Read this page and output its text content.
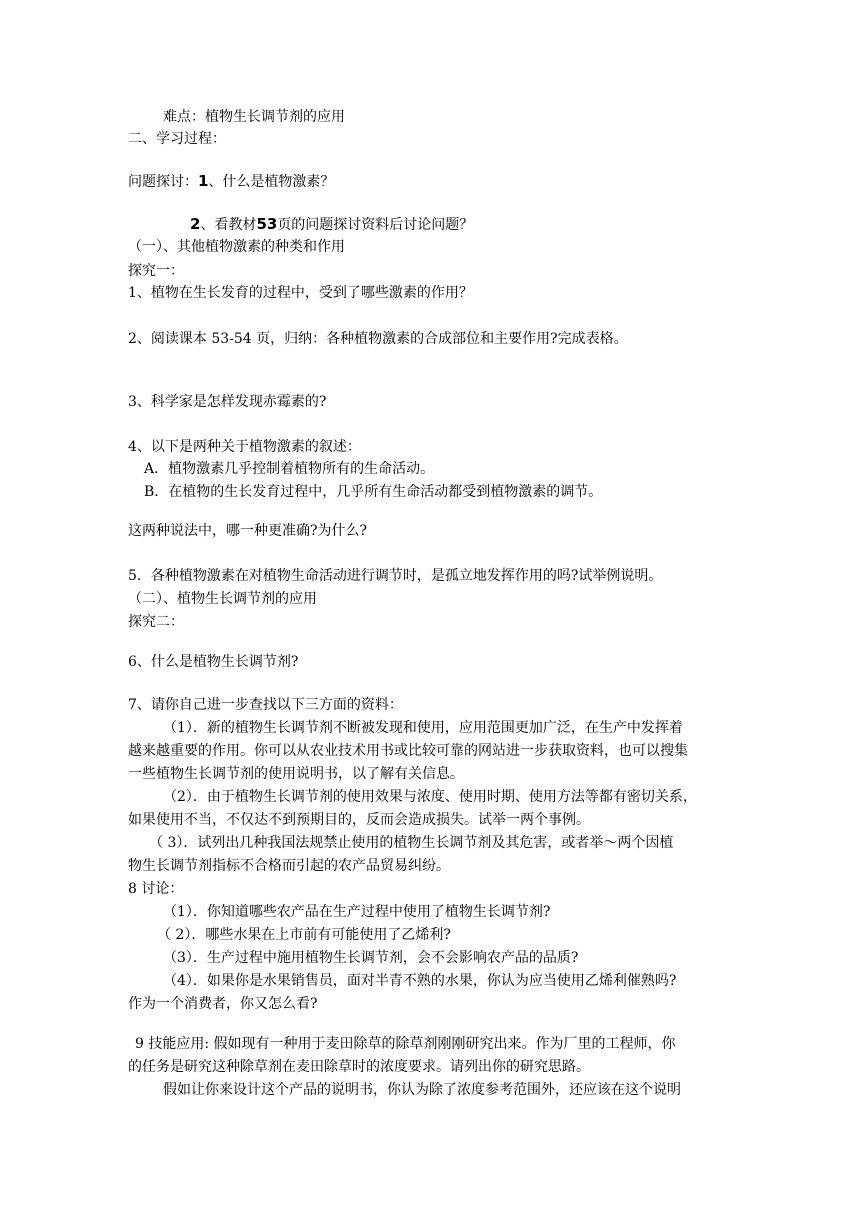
难点：植物生长调节剂的应用
二、学习过程：
问题探讨：1、什么是植物激素？
2、看教材53页的问题探讨资料后讨论问题？
（一）、其他植物激素的种类和作用
探究一：
1、植物在生长发育的过程中，受到了哪些激素的作用？
2、阅读课本 53-54 页，归纳：各种植物激素的合成部位和主要作用?完成表格。
3、科学家是怎样发现赤霉素的?
4、以下是两种关于植物激素的叙述：
A．植物激素几乎控制着植物所有的生命活动。
B．在植物的生长发育过程中，几乎所有生命活动都受到植物激素的调节。
这两种说法中，哪一种更准确?为什么?
5．各种植物激素在对植物生命活动进行调节时，是孤立地发挥作用的吗?试举例说明。
（二）、植物生长调节剂的应用
探究二：
6、什么是植物生长调节剂?
7、请你自己进一步查找以下三方面的资料：
（1）．新的植物生长调节剂不断被发现和使用，应用范围更加广泛，在生产中发挥着
越来越重要的作用。你可以从农业技术用书或比较可靠的网站进一步获取资料，也可以搜集
一些植物生长调节剂的使用说明书，以了解有关信息。
（2）．由于植物生长调节剂的使用效果与浓度、使用时期、使用方法等都有密切关系，
如果使用不当，不仅达不到预期目的，反而会造成损失。试举一两个事例。
（ 3）．试列出几种我国法规禁止使用的植物生长调节剂及其危害，或者举～两个因植
物生长调节剂指标不合格而引起的农产品贸易纠纷。
8 讨论：
（1）．你知道哪些农产品在生产过程中使用了植物生长调节剂?
（ 2）．哪些水果在上市前有可能使用了乙烯利?
（3）．生产过程中施用植物生长调节剂，会不会影响农产品的品质?
（4）．如果你是水果销售员，面对半青不熟的水果，你认为应当使用乙烯利催熟吗?
作为一个消费者，你又怎么看?
9 技能应用: 假如现有一种用于麦田除草的除草剂刚刚研究出来。作为厂里的工程师，你
的任务是研究这种除草剂在麦田除草时的浓度要求。请列出你的研究思路。
假如让你来设计这个产品的说明书，你认为除了浓度参考范围外，还应该在这个说明
